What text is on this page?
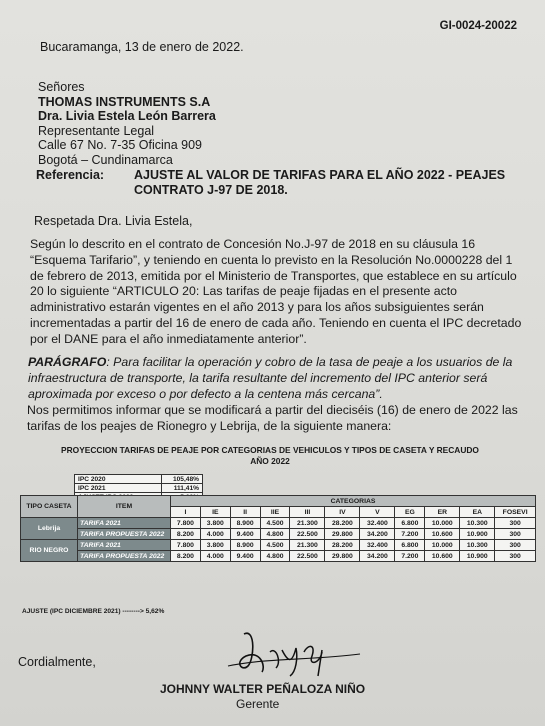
GI-0024-20022
Bucaramanga, 13 de enero de 2022.
Señores
THOMAS INSTRUMENTS S.A
Dra. Livia Estela León Barrera
Representante Legal
Calle 67 No. 7-35 Oficina 909
Bogotá – Cundinamarca
Referencia: AJUSTE AL VALOR DE TARIFAS PARA EL AÑO 2022 - PEAJES
CONTRATO J-97 DE 2018.
Respetada Dra. Livia Estela,
Según lo descrito en el contrato de Concesión No.J-97 de 2018 en su cláusula 16 “Esquema Tarifario”, y teniendo en cuenta lo previsto en la Resolución No.0000228 del 1 de febrero de 2013, emitida por el Ministerio de Transportes, que establece en su artículo 20 lo siguiente “ARTICULO 20: Las tarifas de peaje fijadas en el presente acto administrativo estarán vigentes en el año 2013 y para los años subsiguientes serán incrementadas a partir del 16 de enero de cada año. Teniendo en cuenta el IPC decretado por el DANE para el año inmediatamente anterior”.
PARÁGRAFO: Para facilitar la operación y cobro de la tasa de peaje a los usuarios de la infraestructura de transporte, la tarifa resultante del incremento del IPC anterior será aproximada por exceso o por defecto a la centena más cercana”.
Nos permitimos informar que se modificará a partir del dieciséis (16) de enero de 2022 las tarifas de los peajes de Rionegro y Lebrija, de la siguiente manera:
PROYECCION TARIFAS DE PEAJE POR CATEGORIAS DE VEHICULOS Y TIPOS DE CASETA Y RECAUDO AÑO 2022
IPC 2020	105,48%
IPC 2021	111,41%

TIPO CASETA	ITEM	CATEGORIAS										
		I	IE	II	IIE	III	IV	V	EG	ER	EA	FOSEVI
Lebrija	TARIFA 2021	7.800	3.800	8.900	4.500	21.300	28.200	32.400	6.800	10.000	10.300	300
	TARIFA PROPUESTA 2022	8.200	4.000	9.400	4.800	22.500	29.800	34.200	7.200	10.600	10.900	300
RIO NEGRO	TARIFA 2021	7.800	3.800	8.900	4.500	21.300	28.200	32.400	6.800	10.000	10.300	300
	TARIFA PROPUESTA 2022	8.200	4.000	9.400	4.800	22.500	29.800	34.200	7.200	10.600	10.900	300
AJUSTE (IPC DICIEMBRE 2021) --------> 5,62%
Cordialmente,
JOHNNY WALTER PEÑALOZA NIÑO
Gerente
